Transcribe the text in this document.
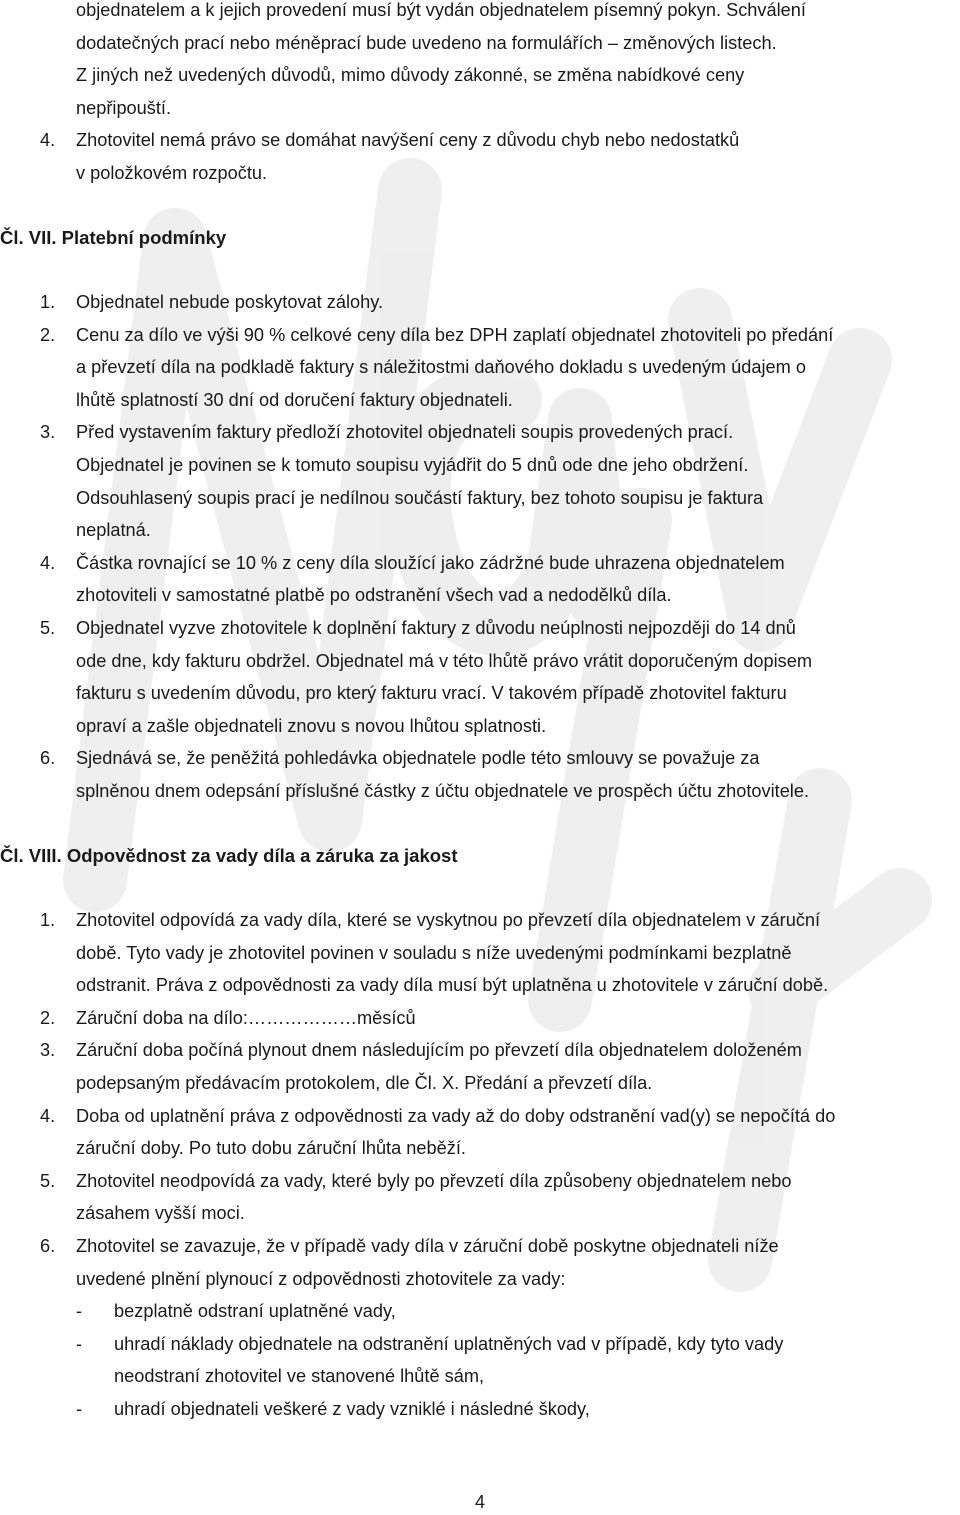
objednatelem a k jejich provedení musí být vydán objednatelem písemný pokyn. Schválení
dodatečných prací nebo méněprací bude uvedeno na formulářích – změnových listech.
Z jiných než uvedených důvodů, mimo důvody zákonné, se změna nabídkové ceny
nepřipouští.
4.	Zhotovitel nemá právo se domáhat navýšení ceny z důvodu chyb nebo nedostatků
v položkovém rozpočtu.
Čl. VII. Platební podmínky
1.	Objednatel nebude poskytovat zálohy.
2.	Cenu za dílo ve výši 90 % celkové ceny díla bez DPH zaplatí objednatel zhotoviteli po předání
a převzetí díla na podkladě faktury s náležitostmi daňového dokladu s uvedeným údajem o
lhůtě splatností 30 dní od doručení faktury objednateli.
3.	Před vystavením faktury předloží zhotovitel objednateli soupis provedených prací.
Objednatel je povinen se k tomuto soupisu vyjádřit do 5 dnů ode dne jeho obdržení.
Odsouhlasený soupis prací je nedílnou součástí faktury, bez tohoto soupisu je faktura
neplatná.
4.	Částka rovnající se 10 % z ceny díla sloužící jako zádržné bude uhrazena objednatelem
zhotoviteli v samostatné platbě po odstranění všech vad a nedodělků díla.
5.	Objednatel vyzve zhotovitele k doplnění faktury z důvodu neúplnosti nejpozději do 14 dnů
ode dne, kdy fakturu obdržel. Objednatel má v této lhůtě právo vrátit doporučeným dopisem
fakturu s uvedením důvodu, pro který fakturu vrací. V takovém případě zhotovitel fakturu
opraví a zašle objednateli znovu s novou lhůtou splatnosti.
6.	Sjednává se, že peněžitá pohledávka objednatele podle této smlouvy se považuje za
splněnou dnem odepsání příslušné částky z účtu objednatele ve prospěch účtu zhotovitele.
Čl. VIII. Odpovědnost za vady díla a záruka za jakost
1.	Zhotovitel odpovídá za vady díla, které se vyskytnou po převzetí díla objednatelem v záruční
době. Tyto vady je zhotovitel povinen v souladu s níže uvedenými podmínkami bezplatně
odstranit. Práva z odpovědnosti za vady díla musí být uplatněna u zhotovitele v záruční době.
2.	Záruční doba na dílo:………………měsíců
3.	Záruční doba počíná plynout dnem následujícím po převzetí díla objednatelem doloženém
podepsaným předávacím protokolem, dle Čl. X. Předání a převzetí díla.
4.	Doba od uplatnění práva z odpovědnosti za vady až do doby odstranění vad(y) se nepočítá do
záruční doby. Po tuto dobu záruční lhůta neběží.
5.	Zhotovitel neodpovídá za vady, které byly po převzetí díla způsobeny objednatelem nebo
zásahem vyšší moci.
6.	Zhotovitel se zavazuje, že v případě vady díla v záruční době poskytne objednateli níže
uvedené plnění plynoucí z odpovědnosti zhotovitele za vady:
-	bezplatně odstraní uplatněné vady,
-	uhradí náklady objednatele na odstranění uplatněných vad v případě, kdy tyto vady
neodstraní zhotovitel ve stanovené lhůtě sám,
-	uhradí objednateli veškeré z vady vzniklé i následné škody,
4
